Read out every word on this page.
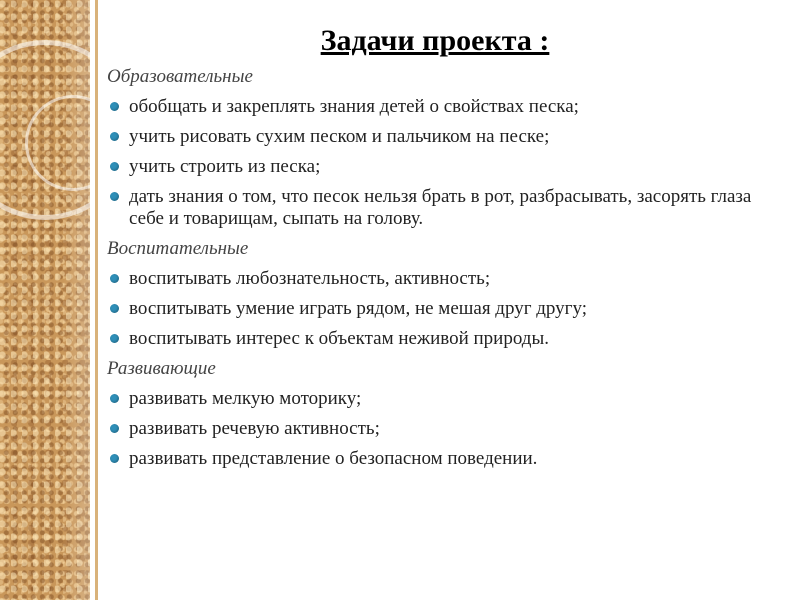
Задачи проекта :

Образовательные

обобщать и закреплять знания детей о свойствах песка;
учить рисовать сухим песком и пальчиком на песке;
учить строить из песка;
дать знания о том, что песок нельзя брать в рот, разбрасывать, засорять глаза себе и товарищам, сыпать на голову.

Воспитательные

воспитывать любознательность, активность;
воспитывать умение играть рядом, не мешая друг другу;
воспитывать интерес к объектам неживой природы.

Развивающие

развивать мелкую моторику;
развивать речевую активность;
развивать представление о безопасном поведении.
